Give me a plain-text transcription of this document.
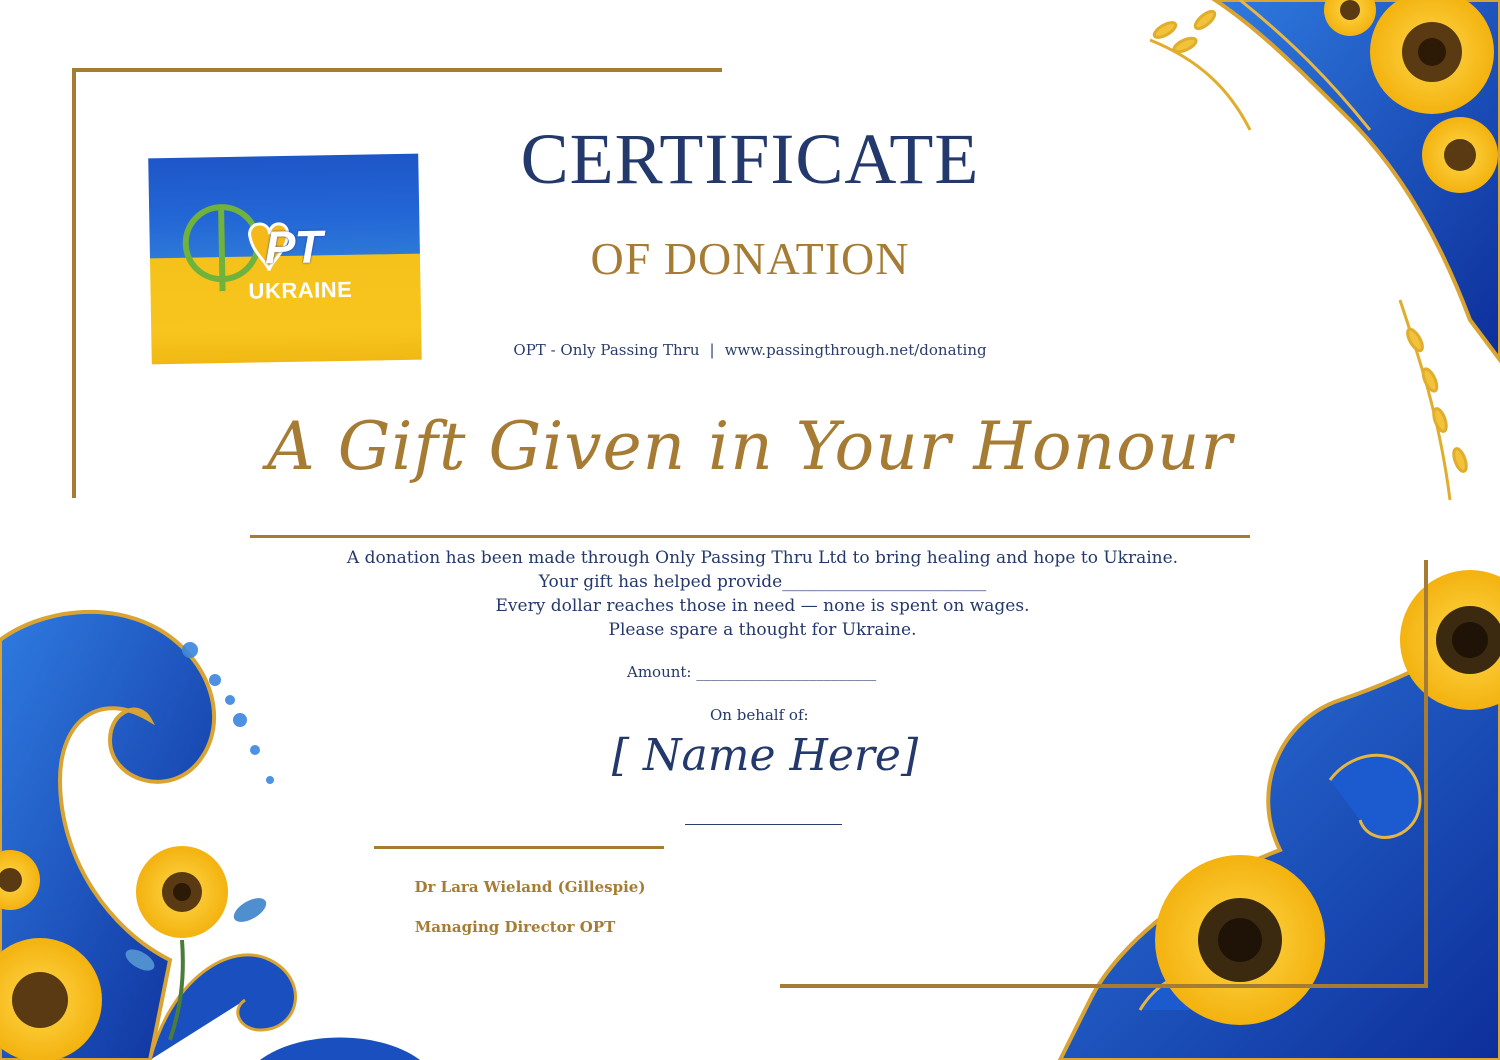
PT
UKRAINE
CERTIFICATE
OF DONATION
OPT - Only Passing Thru | www.passingthrough.net/donating
A Gift Given in Your Honour
A donation has been made through Only Passing Thru Ltd to bring healing and hope to Ukraine.
Your gift has helped provide________________________
Every dollar reaches those in need — none is spent on wages.
Please spare a thought for Ukraine.
Amount: ________________________
On behalf of:
[ Name Here]
Dr Lara Wieland (Gillespie)
Managing Director OPT
